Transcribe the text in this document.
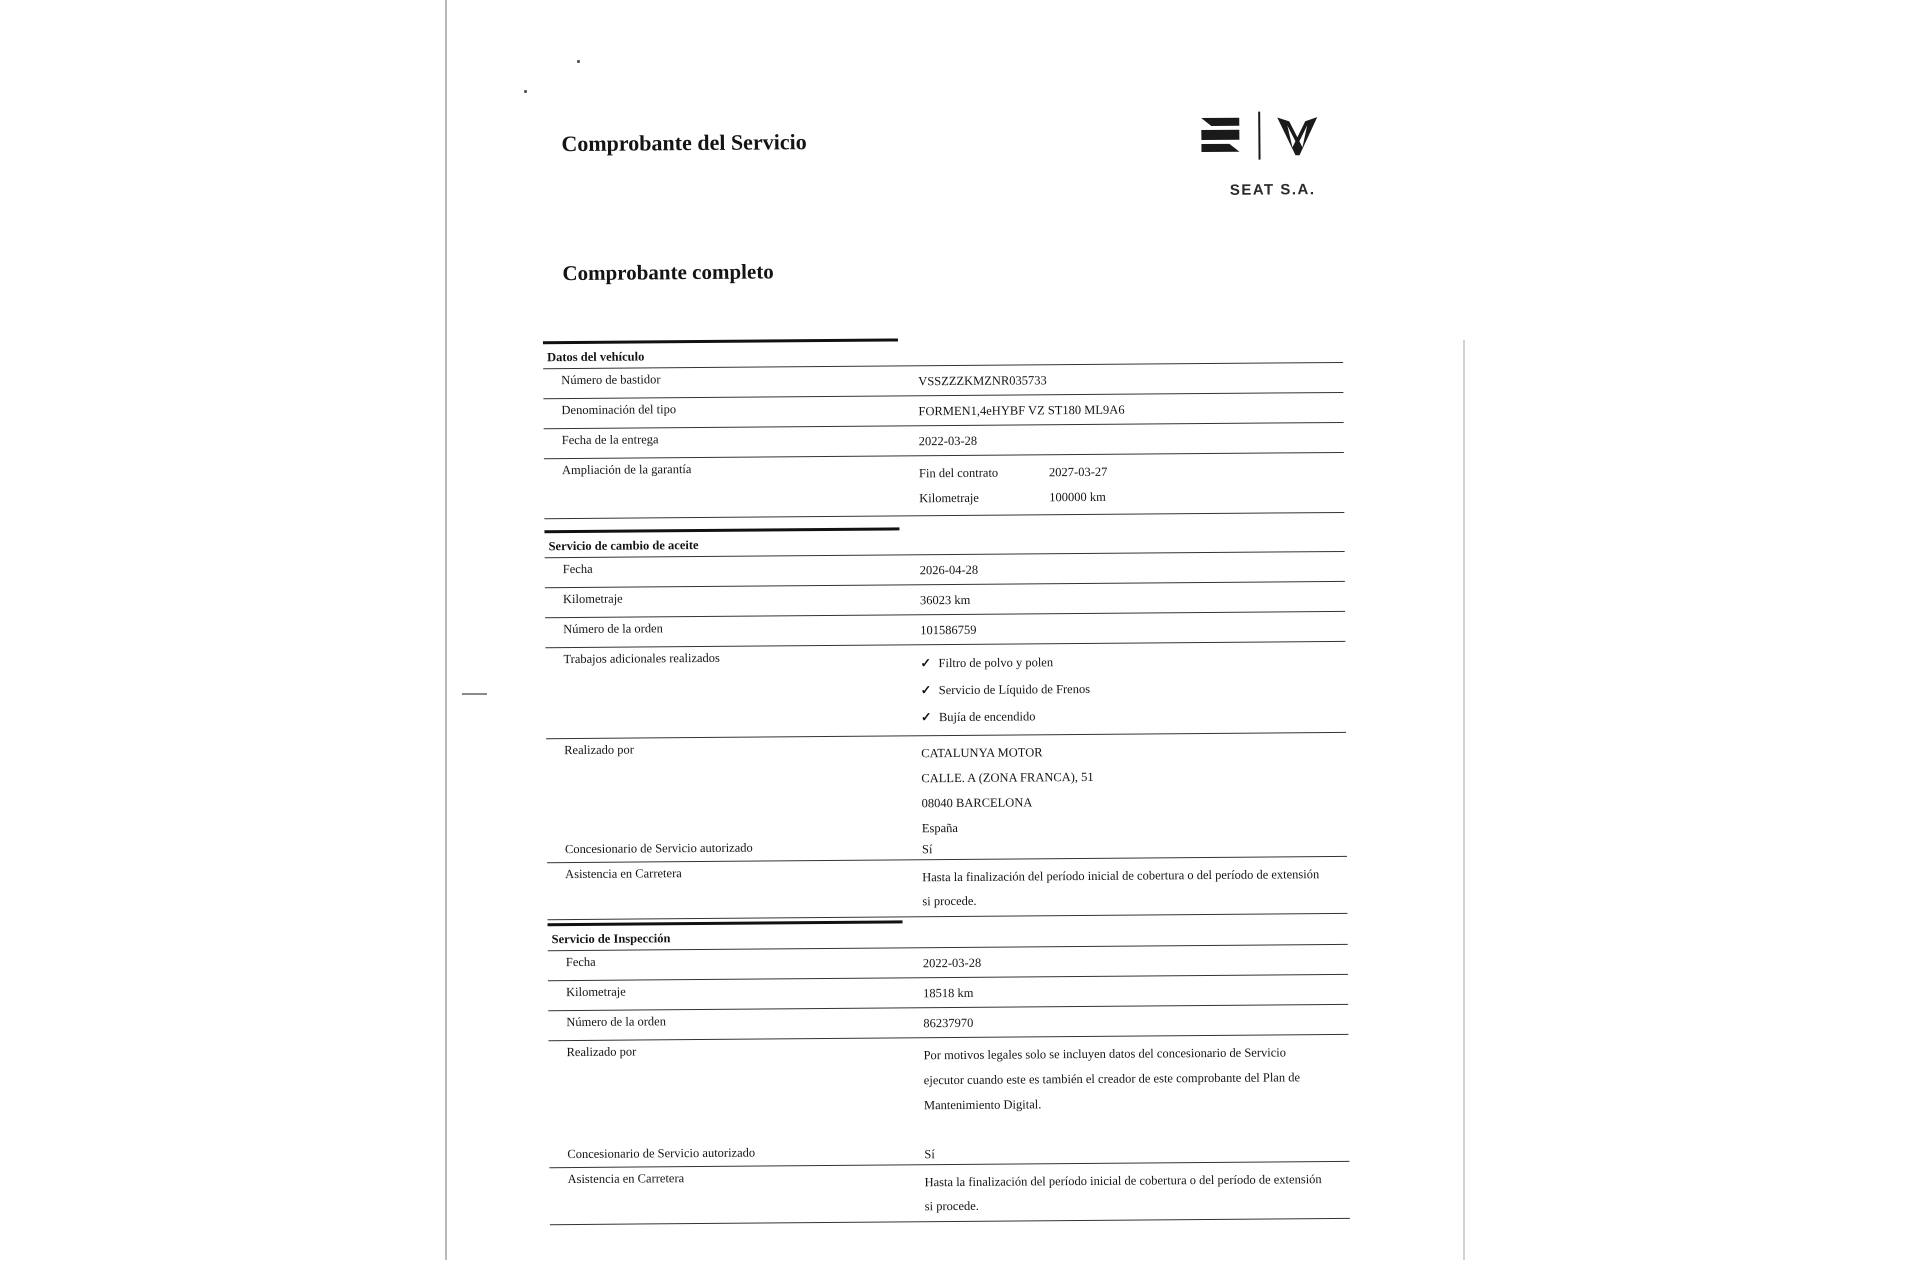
Comprobante del Servicio
SEAT S.A.
Comprobante completo
Datos del vehículo
Número de bastidor	VSSZZZKMZNR035733
Denominación del tipo	FORMEN1,4eHYBF VZ ST180 ML9A6
Fecha de la entrega	2022-03-28
Ampliación de la garantía	Fin del contrato	2027-03-27
Kilometraje	100000 km
Servicio de cambio de aceite
Fecha	2026-04-28
Kilometraje	36023 km
Número de la orden	101586759
Trabajos adicionales realizados	✓ Filtro de polvo y polen
✓ Servicio de Líquido de Frenos
✓ Bujía de encendido
Realizado por	CATALUNYA MOTOR
CALLE. A (ZONA FRANCA), 51
08040 BARCELONA
España
Concesionario de Servicio autorizado	Sí
Asistencia en Carretera	Hasta la finalización del período inicial de cobertura o del período de extensión
si procede.
Servicio de Inspección
Fecha	2022-03-28
Kilometraje	18518 km
Número de la orden	86237970
Realizado por	Por motivos legales solo se incluyen datos del concesionario de Servicio
ejecutor cuando este es también el creador de este comprobante del Plan de
Mantenimiento Digital.
Concesionario de Servicio autorizado	Sí
Asistencia en Carretera	Hasta la finalización del período inicial de cobertura o del período de extensión
si procede.
